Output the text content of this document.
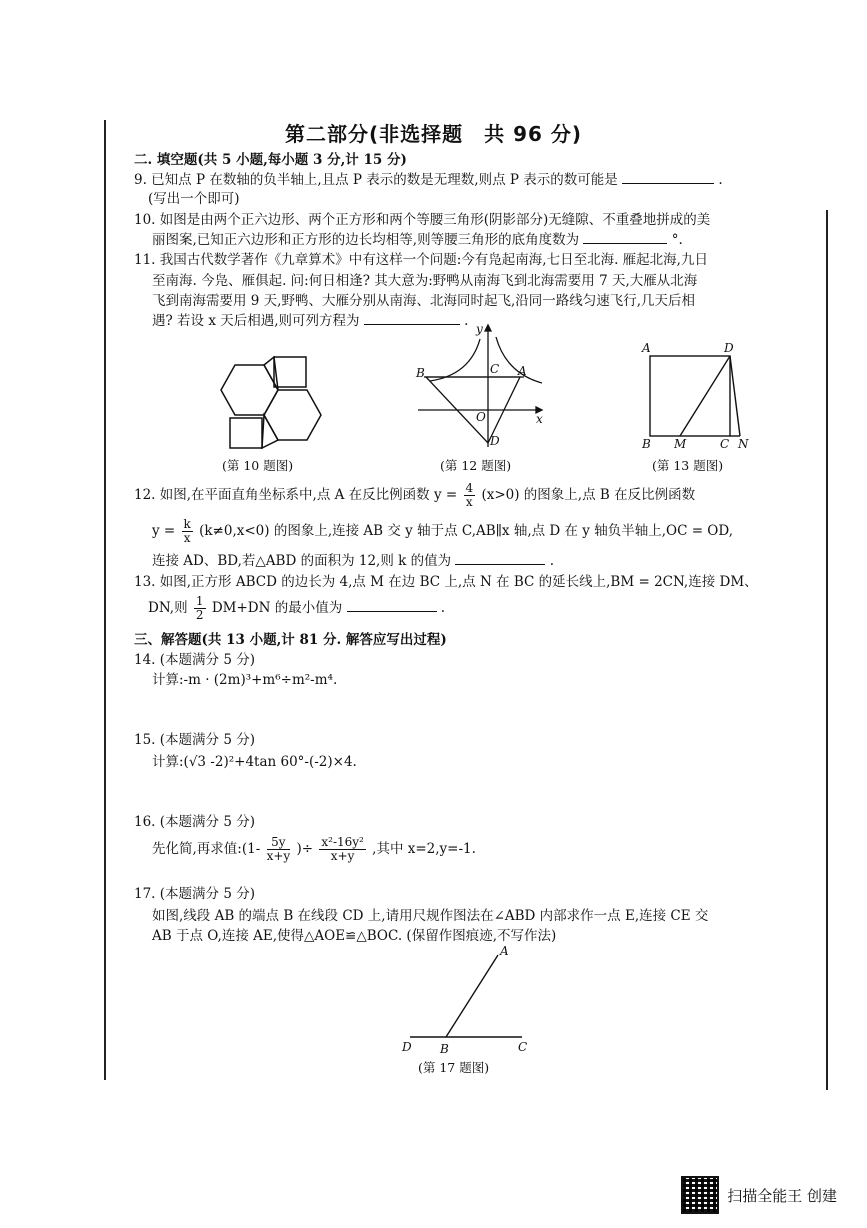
第二部分(非选择题　共 96 分)
二. 填空题(共 5 小题,每小题 3 分,计 15 分)
9. 已知点 P 在数轴的负半轴上,且点 P 表示的数是无理数,则点 P 表示的数可能是	.
(写出一个即可)
10. 如图是由两个正六边形、两个正方形和两个等腰三角形(阴影部分)无缝隙、不重叠地拼成的美
丽图案,已知正六边形和正方形的边长均相等,则等腰三角形的底角度数为	°.
11. 我国古代数学著作《九章算术》中有这样一个问题:今有凫起南海,七日至北海. 雁起北海,九日
至南海. 今凫、雁俱起. 问:何日相逢? 其大意为:野鸭从南海飞到北海需要用 7 天,大雁从北海
飞到南海需要用 9 天,野鸭、大雁分别从南海、北海同时起飞,沿同一路线匀速飞行,几天后相
遇? 若设 x 天后相遇,则可列方程为	.
(第 10 题图)
y
x
B	C A
O
D
(第 12 题图)
A	D
B M	C N
(第 13 题图)
12. 如图,在平面直角坐标系中,点 A 在反比例函数 $y = \frac{4}{x} (x>0)$ 的图象上,点 B 在反比例函数
$y = \frac{k}{x} (k\ne 0,x<0)$ 的图象上,连接 AB 交 y 轴于点 C,AB∥x 轴,点 D 在 y 轴负半轴上,OC = OD,
连接 AD、BD,若△ABD 的面积为 12,则 k 的值为	.
13. 如图,正方形 ABCD 的边长为 4,点 M 在边 BC 上,点 N 在 BC 的延长线上,BM = 2CN,连接 DM、
DN,则 $\frac{1}{2} DM+DN$ 的最小值为	.
三、解答题(共 13 小题,计 81 分. 解答应写出过程)
14. (本题满分 5 分)
计算:-m · (2m)³+m⁶÷m²-m⁴.
15. (本题满分 5 分)
计算:(√3 -2)²+4tan 60°-(-2)×4.
16. (本题满分 5 分)
先化简,再求值:(1- $\frac{5y}{x+y}$ )÷ $\frac{\text{x²-16y²}}{x+y}$ ,其中 x=2,y=-1.
17. (本题满分 5 分)
如图,线段 AB 的端点 B 在线段 CD 上,请用尺规作图法在∠ABD 内部求作一点 E,连接 CE 交
AB 于点 O,连接 AE,使得△AOE≌△BOC. (保留作图痕迹,不写作法)
A
D B	C
(第 17 题图)
扫描全能王 创建
